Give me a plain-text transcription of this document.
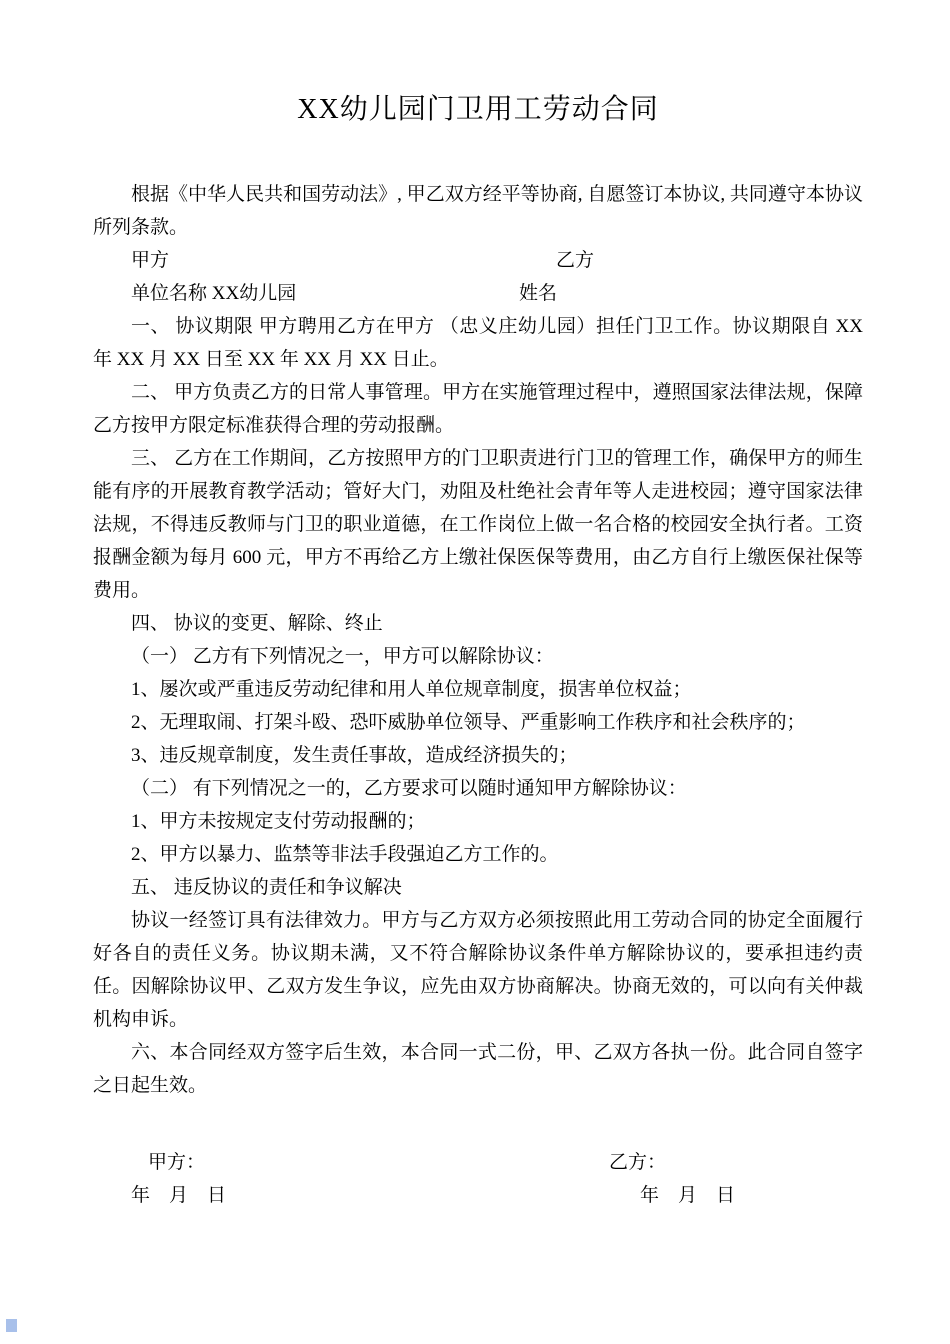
XX幼儿园门卫用工劳动合同

根据《中华人民共和国劳动法》, 甲乙双方经平等协商, 自愿签订本协议, 共同遵守本协议所列条款。

甲方	乙方
单位名称 XX幼儿园	姓名

一、 协议期限 甲方聘用乙方在甲方 （忠义庄幼儿园）担任门卫工作。协议期限自 XX 年 XX 月 XX 日至 XX 年 XX 月 XX 日止。

二、 甲方负责乙方的日常人事管理。甲方在实施管理过程中，遵照国家法律法规，保障乙方按甲方限定标准获得合理的劳动报酬。

三、 乙方在工作期间，乙方按照甲方的门卫职责进行门卫的管理工作，确保甲方的师生能有序的开展教育教学活动；管好大门，劝阻及杜绝社会青年等人走进校园；遵守国家法律法规，不得违反教师与门卫的职业道德，在工作岗位上做一名合格的校园安全执行者。工资报酬金额为每月 600 元，甲方不再给乙方上缴社保医保等费用，由乙方自行上缴医保社保等费用。

四、 协议的变更、解除、终止

（一） 乙方有下列情况之一，甲方可以解除协议：

1、屡次或严重违反劳动纪律和用人单位规章制度，损害单位权益；

2、无理取闹、打架斗殴、恐吓威胁单位领导、严重影响工作秩序和社会秩序的；

3、违反规章制度，发生责任事故，造成经济损失的；

（二） 有下列情况之一的，乙方要求可以随时通知甲方解除协议：

1、甲方未按规定支付劳动报酬的；

2、甲方以暴力、监禁等非法手段强迫乙方工作的。

五、 违反协议的责任和争议解决

协议一经签订具有法律效力。甲方与乙方双方必须按照此用工劳动合同的协定全面履行好各自的责任义务。协议期未满，又不符合解除协议条件单方解除协议的，要承担违约责任。因解除协议甲、乙双方发生争议，应先由双方协商解决。协商无效的，可以向有关仲裁机构申诉。

六、本合同经双方签字后生效，本合同一式二份，甲、乙双方各执一份。此合同自签字之日起生效。

甲方：	乙方：
年　月　日	年　月　日
